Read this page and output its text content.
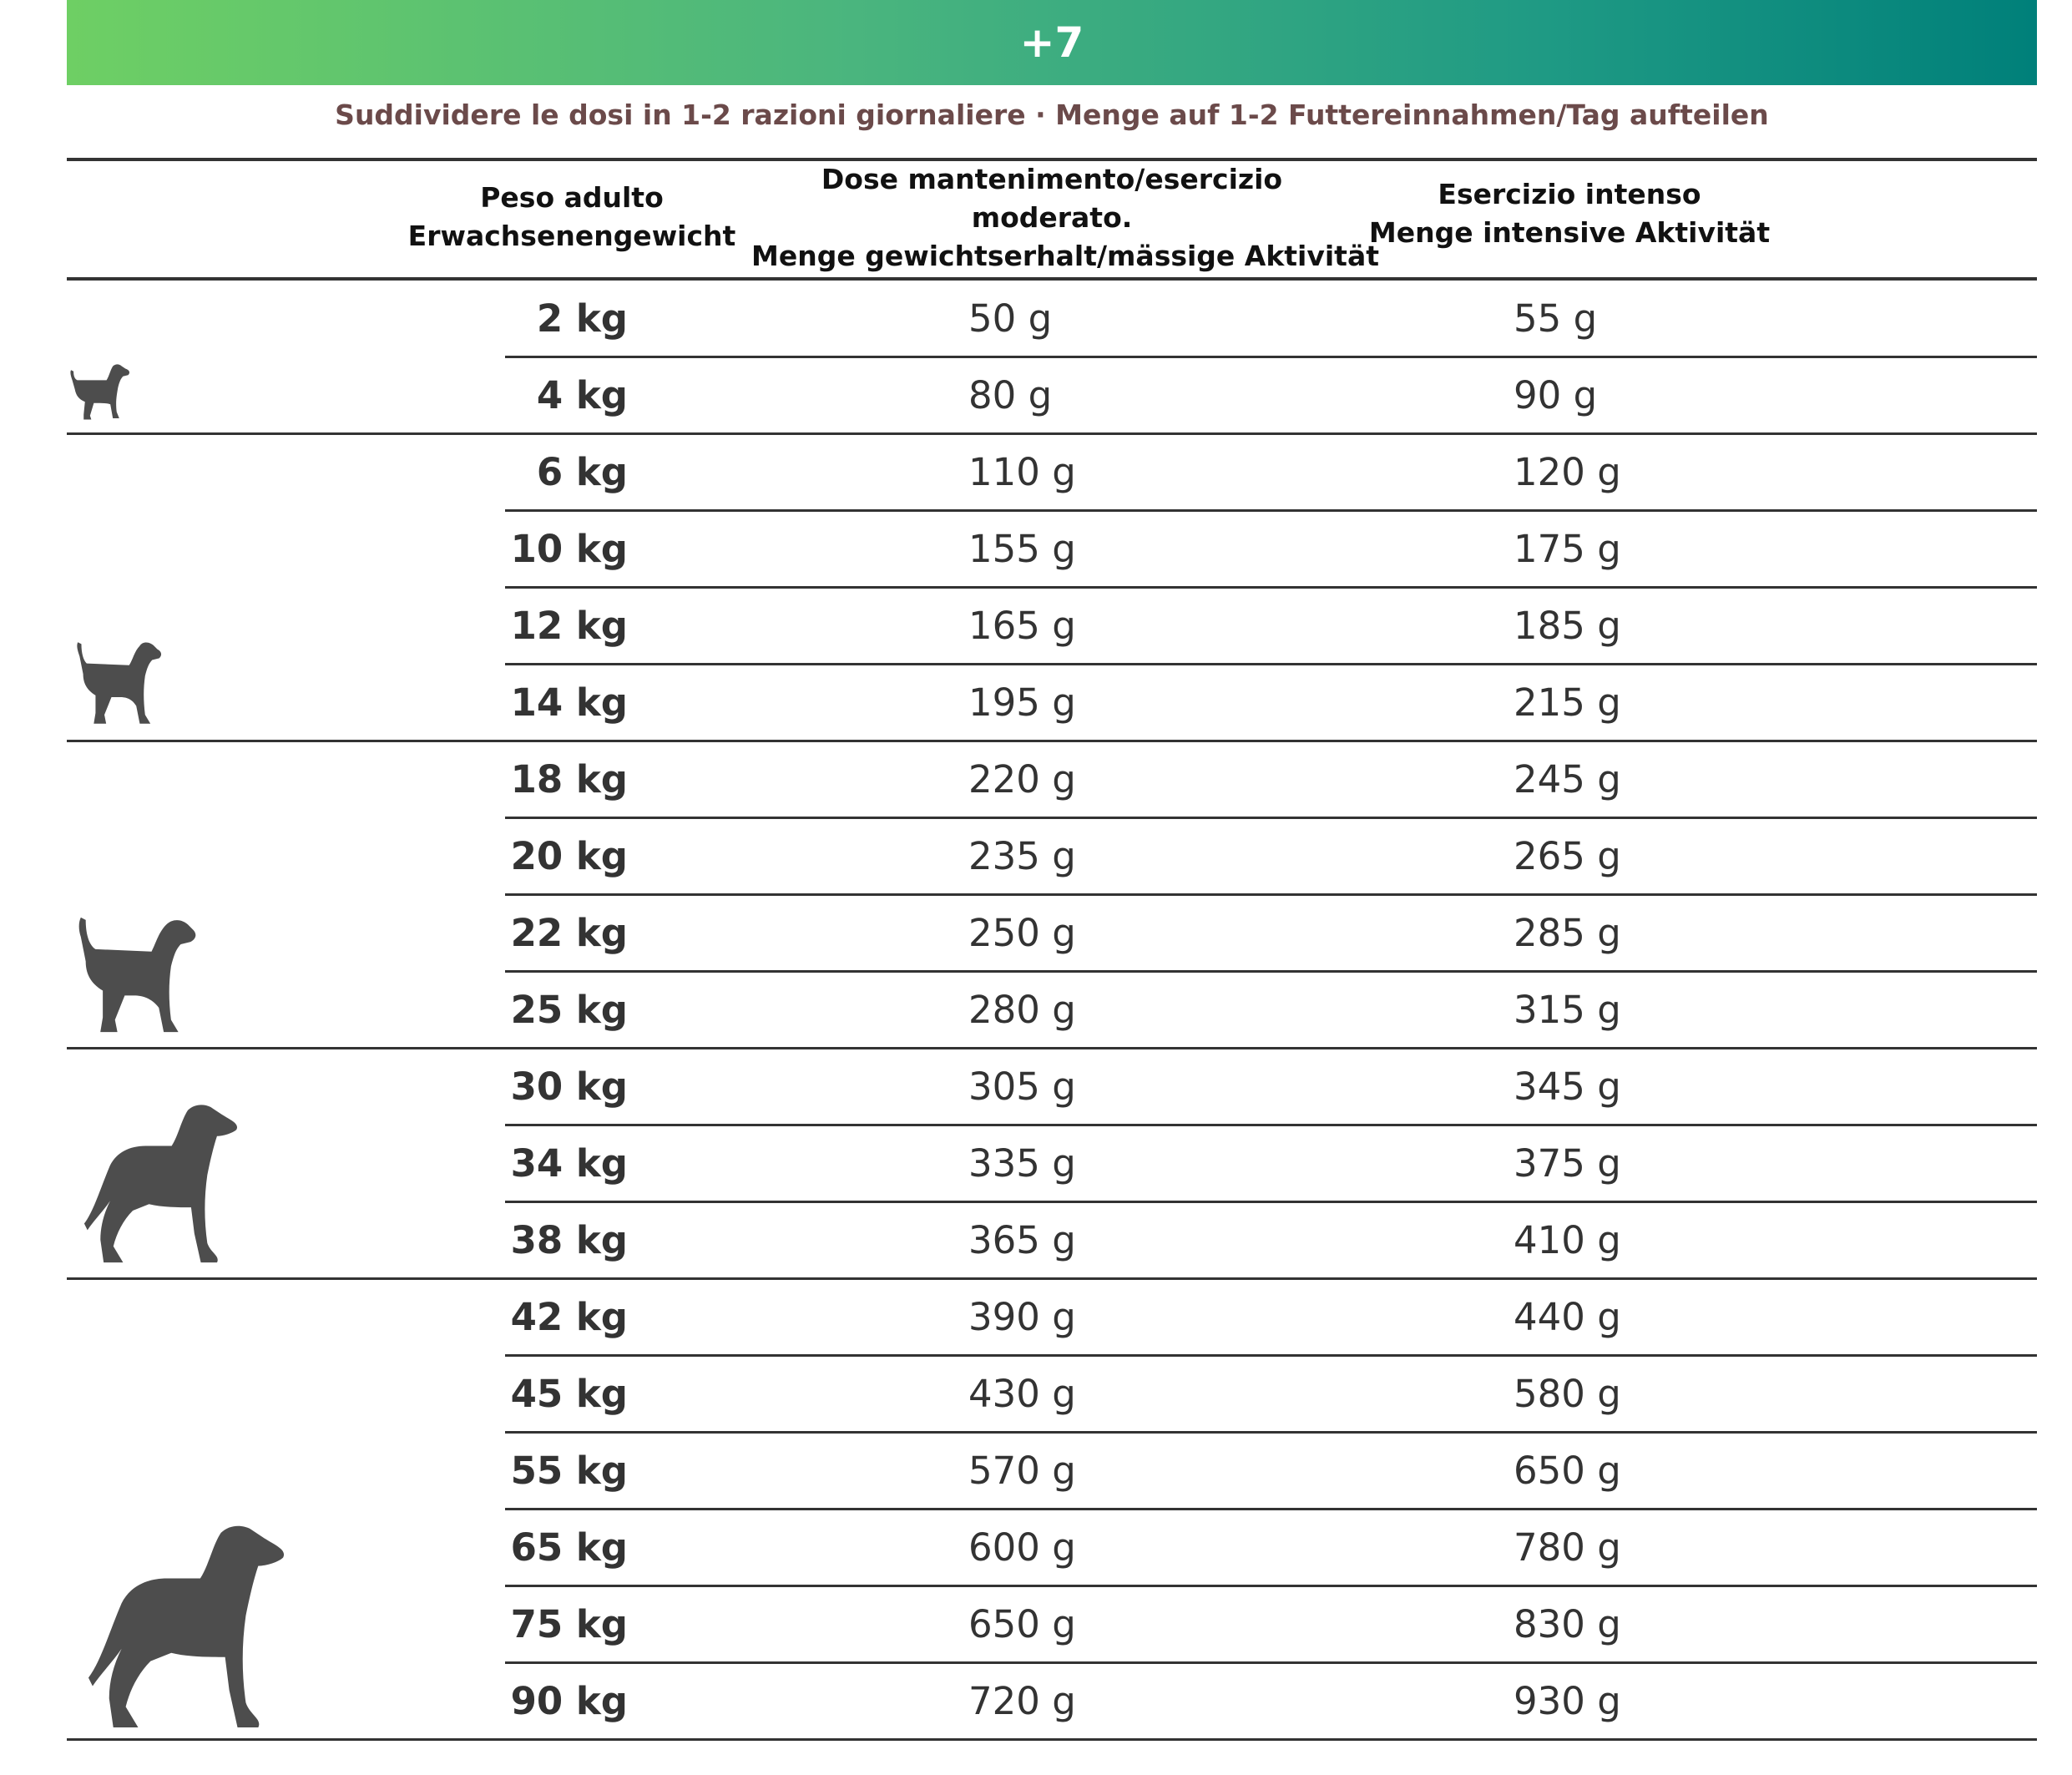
+7
Suddividere le dosi in 1-2 razioni giornaliere · Menge auf 1-2 Futtereinnahmen/Tag aufteilen
Peso adulto
Erwachsenengewicht
Dose mantenimento/esercizio
moderato.
Menge gewichtserhalt/mässige Aktivität
Esercizio intenso
Menge intensive Aktivität
2 kg	50 g	55 g
4 kg	80 g	90 g
6 kg	110 g	120 g
10 kg	155 g	175 g
12 kg	165 g	185 g
14 kg	195 g	215 g
18 kg	220 g	245 g
20 kg	235 g	265 g
22 kg	250 g	285 g
25 kg	280 g	315 g
30 kg	305 g	345 g
34 kg	335 g	375 g
38 kg	365 g	410 g
42 kg	390 g	440 g
45 kg	430 g	580 g
55 kg	570 g	650 g
65 kg	600 g	780 g
75 kg	650 g	830 g
90 kg	720 g	930 g
